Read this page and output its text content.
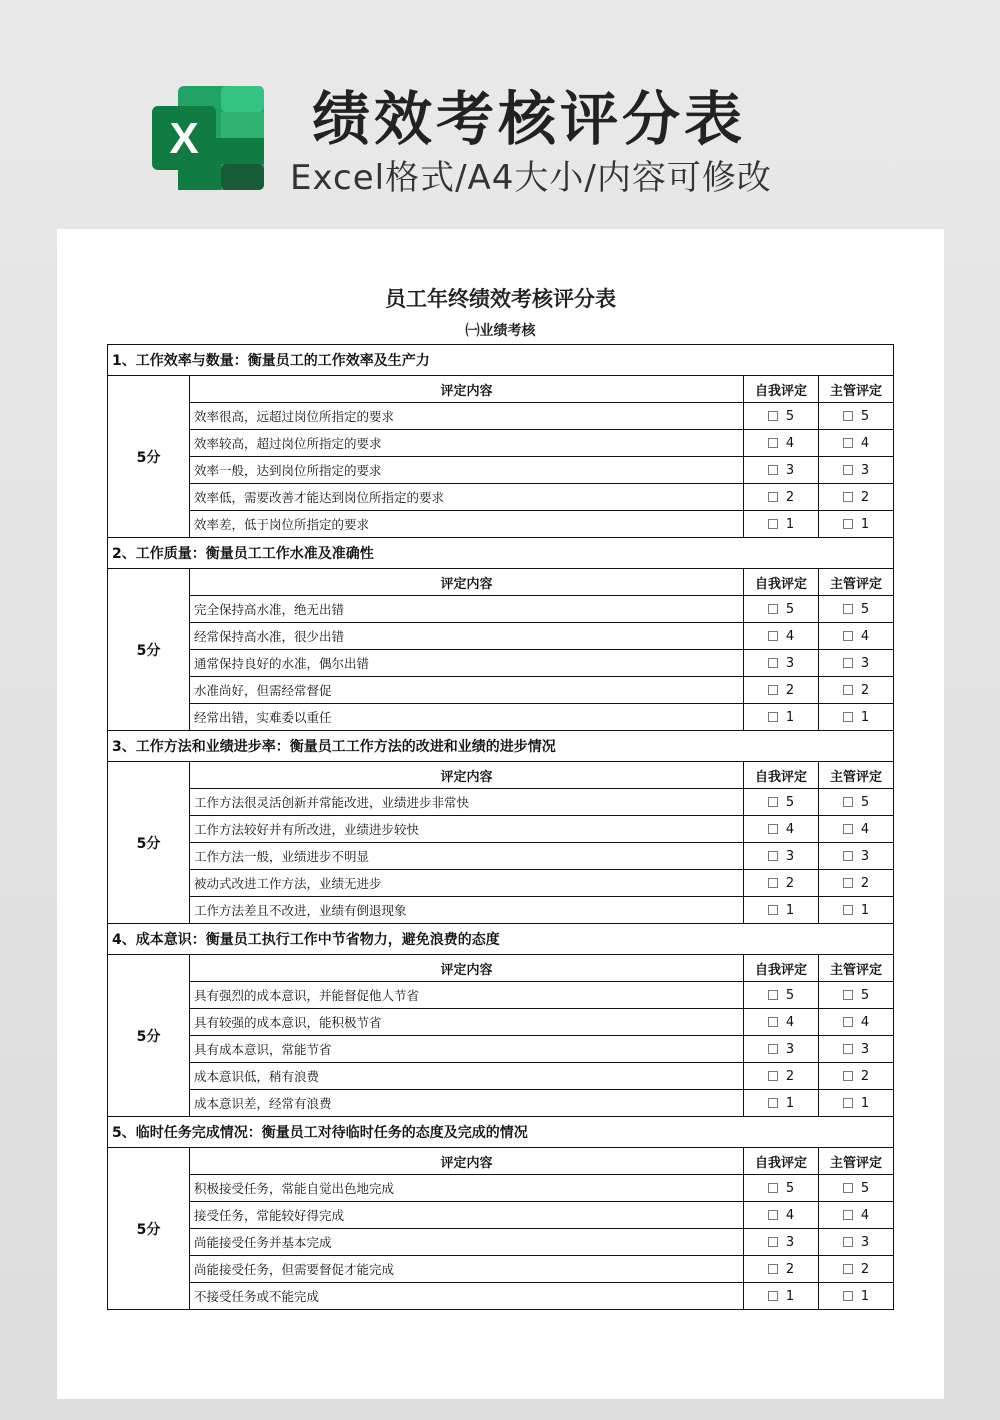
X 绩效考核评分表
Excel格式/A4大小/内容可修改
员工年终绩效考核评分表
㈠业绩考核
1、工作效率与数量：衡量员工的工作效率及生产力			
5分	评定内容	自我评定	主管评定
	效率很高，远超过岗位所指定的要求	5	5
	效率较高，超过岗位所指定的要求	4	4
	效率一般，达到岗位所指定的要求	3	3
	效率低，需要改善才能达到岗位所指定的要求	2	2
	效率差，低于岗位所指定的要求	1	1
2、工作质量：衡量员工工作水准及准确性			
5分	评定内容	自我评定	主管评定
	完全保持高水准，绝无出错	5	5
	经常保持高水准，很少出错	4	4
	通常保持良好的水准，偶尔出错	3	3
	水准尚好，但需经常督促	2	2
	经常出错，实难委以重任	1	1
3、工作方法和业绩进步率：衡量员工工作方法的改进和业绩的进步情况			
5分	评定内容	自我评定	主管评定
	工作方法很灵活创新并常能改进，业绩进步非常快	5	5
	工作方法较好并有所改进，业绩进步较快	4	4
	工作方法一般，业绩进步不明显	3	3
	被动式改进工作方法，业绩无进步	2	2
	工作方法差且不改进，业绩有倒退现象	1	1
4、成本意识：衡量员工执行工作中节省物力，避免浪费的态度			
5分	评定内容	自我评定	主管评定
	具有强烈的成本意识，并能督促他人节省	5	5
	具有较强的成本意识，能积极节省	4	4
	具有成本意识，常能节省	3	3
	成本意识低，稍有浪费	2	2
	成本意识差，经常有浪费	1	1
5、临时任务完成情况：衡量员工对待临时任务的态度及完成的情况			
5分	评定内容	自我评定	主管评定
	积极接受任务，常能自觉出色地完成	5	5
	接受任务，常能较好得完成	4	4
	尚能接受任务并基本完成	3	3
	尚能接受任务，但需要督促才能完成	2	2
	不接受任务或不能完成	1	1
